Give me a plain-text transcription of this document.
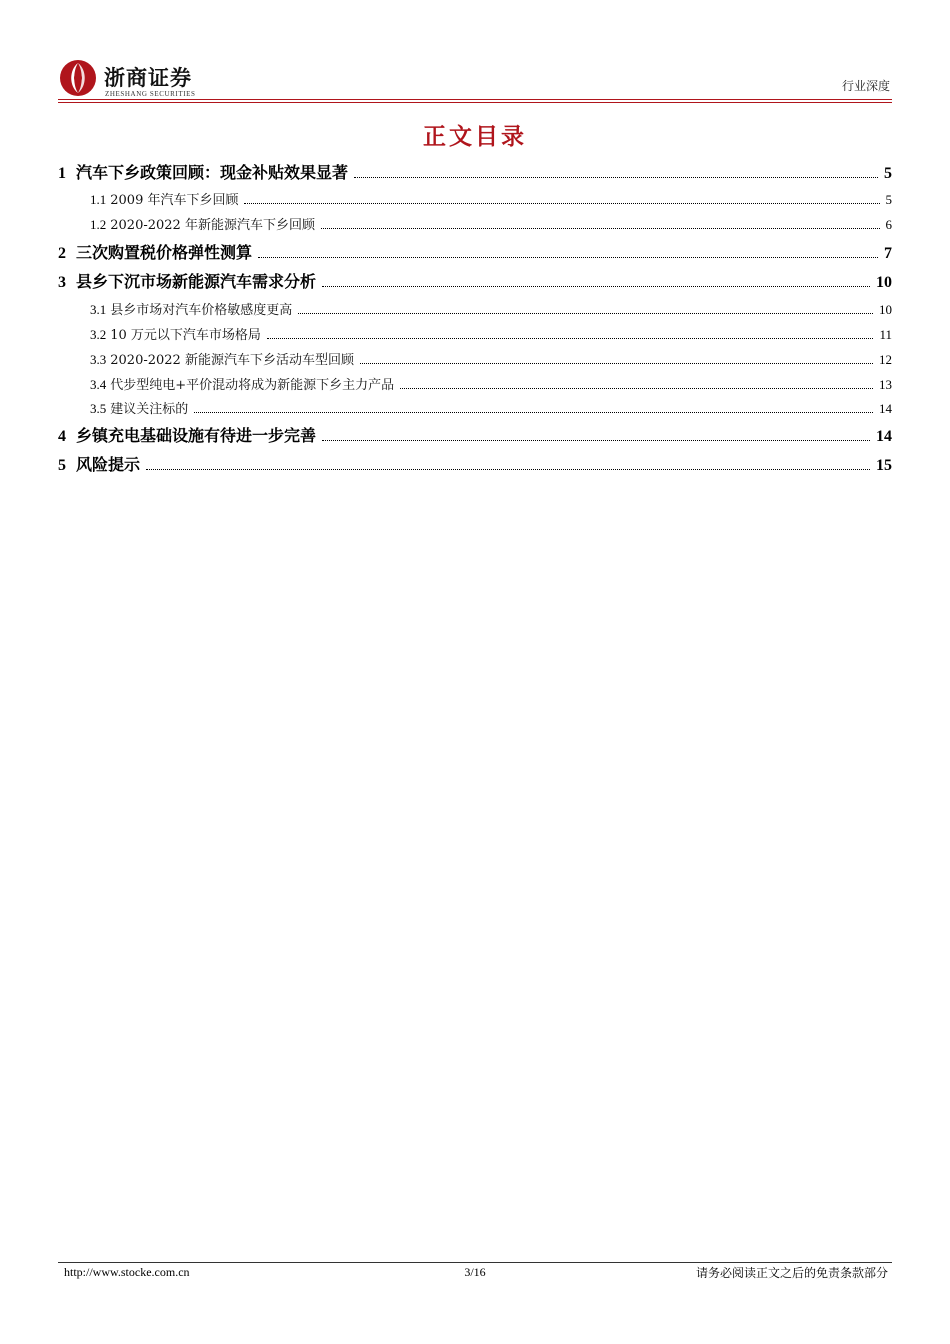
浙商证券
ZHESHANG SECURITIES
行业深度
正文目录
1 汽车下乡政策回顾：现金补贴效果显著	5
1.1 2009 年汽车下乡回顾	5
1.2 2020-2022 年新能源汽车下乡回顾	6
2 三次购置税价格弹性测算	7
3 县乡下沉市场新能源汽车需求分析	10
3.1 县乡市场对汽车价格敏感度更高	10
3.2 10 万元以下汽车市场格局	11
3.3 2020-2022 新能源汽车下乡活动车型回顾	12
3.4 代步型纯电+平价混动将成为新能源下乡主力产品	13
3.5 建议关注标的	14
4 乡镇充电基础设施有待进一步完善	14
5 风险提示	15
http://www.stocke.com.cn	3/16	请务必阅读正文之后的免责条款部分
